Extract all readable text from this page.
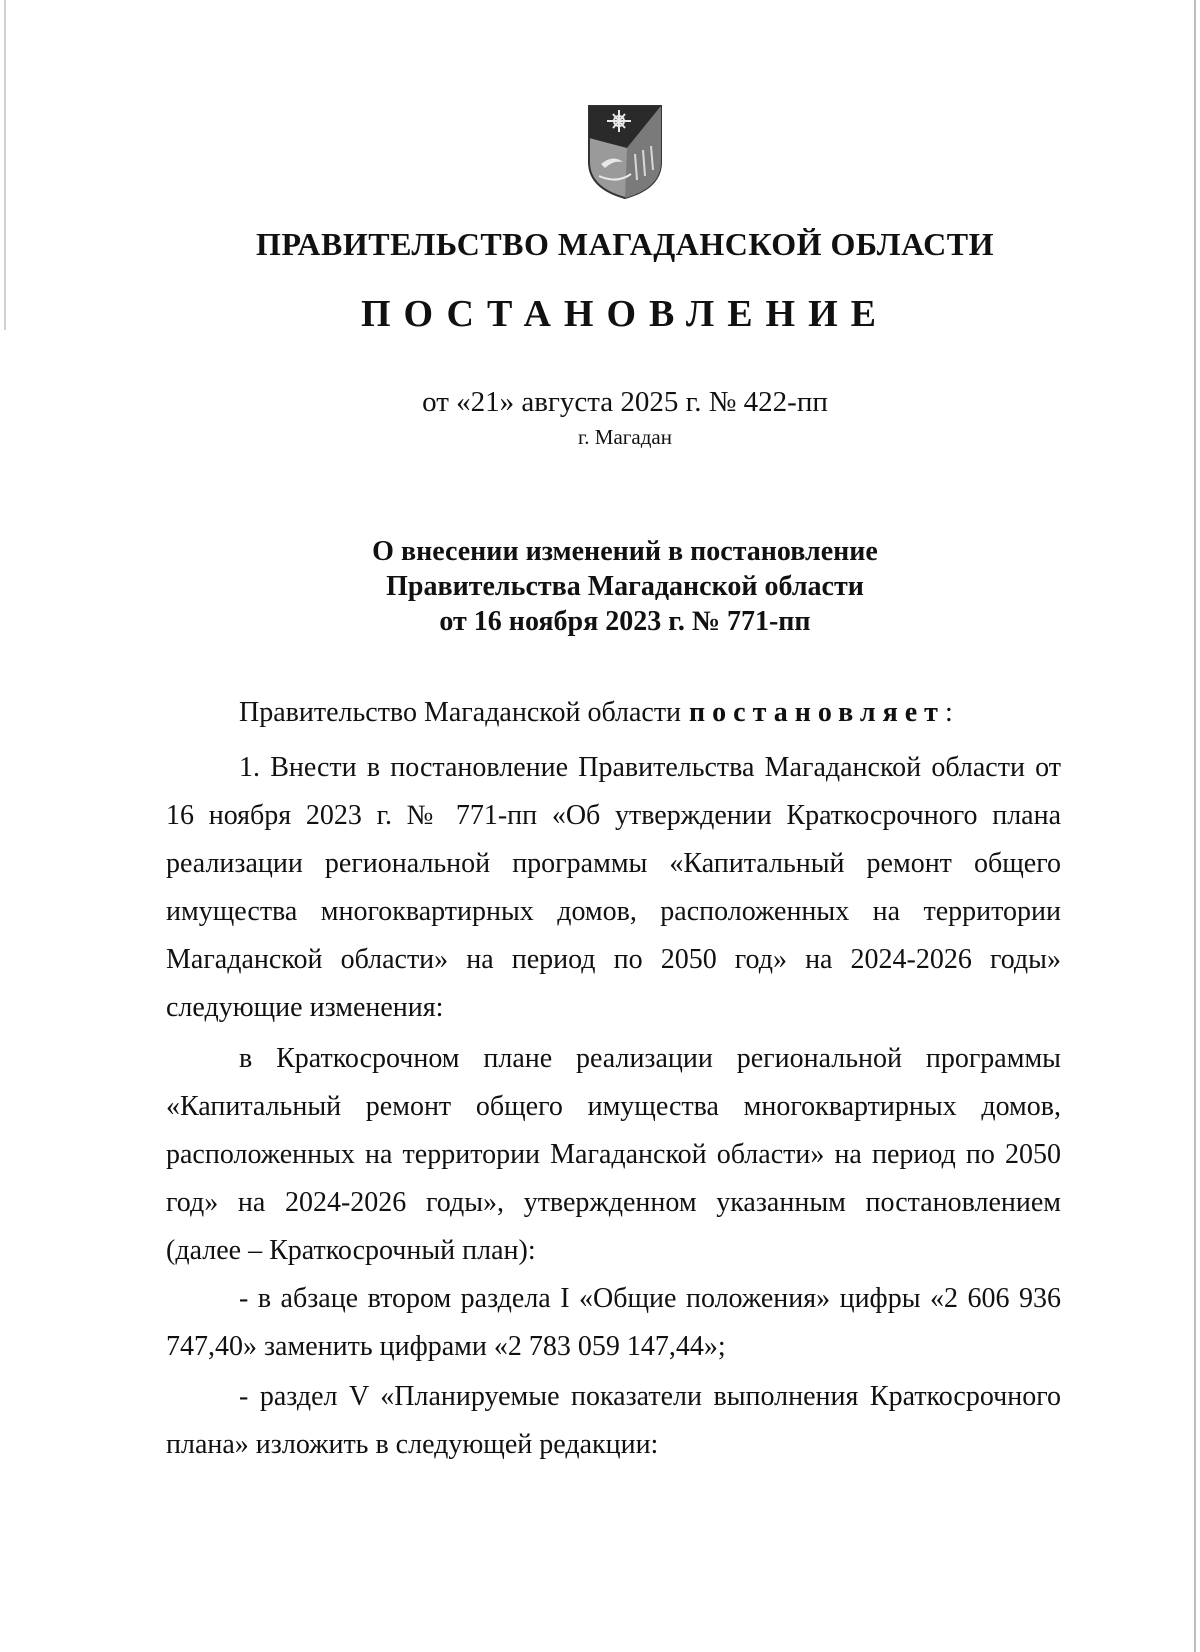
ПРАВИТЕЛЬСТВО МАГАДАНСКОЙ ОБЛАСТИ
ПОСТАНОВЛЕНИЕ
от «21» августа 2025 г. № 422-пп
г. Магадан
О внесении изменений в постановление
Правительства Магаданской области
от 16 ноября 2023 г. № 771-пп
Правительство Магаданской области постановляет:

1. Внести в постановление Правительства Магаданской области от 16 ноября 2023 г. № 771-пп «Об утверждении Краткосрочного плана реализации региональной программы «Капитальный ремонт общего имущества многоквартирных домов, расположенных на территории Магаданской области» на период по 2050 год» на 2024-2026 годы» следующие изменения:

в Краткосрочном плане реализации региональной программы «Капитальный ремонт общего имущества многоквартирных домов, расположенных на территории Магаданской области» на период по 2050 год» на 2024-2026 годы», утвержденном указанным постановлением (далее – Краткосрочный план):

- в абзаце втором раздела I «Общие положения» цифры «2 606 936 747,40» заменить цифрами «2 783 059 147,44»;

- раздел V «Планируемые показатели выполнения Краткосрочного плана» изложить в следующей редакции:
